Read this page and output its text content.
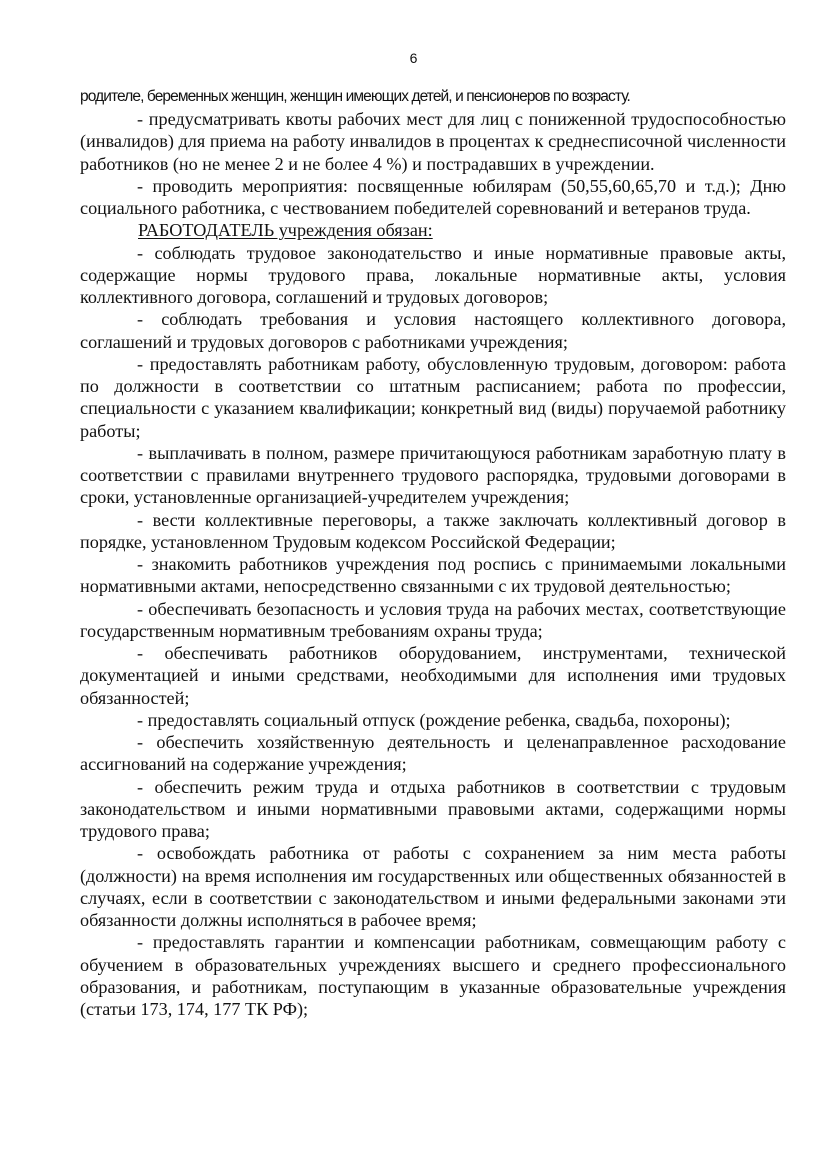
6

родителе, беременных женщин, женщин имеющих детей, и пенсионеров по возрасту.

- предусматривать квоты рабочих мест для лиц с пониженной трудоспособностью (инвалидов) для приема на работу инвалидов в процентах к среднесписочной численности работников (но не менее 2 и не более 4 %) и пострадавших в учреждении.

- проводить мероприятия: посвященные юбилярам (50,55,60,65,70 и т.д.); Дню социального работника, с чествованием победителей соревнований и ветеранов труда.

РАБОТОДАТЕЛЬ учреждения обязан:

- соблюдать трудовое законодательство и иные нормативные правовые акты, содержащие нормы трудового права, локальные нормативные акты, условия коллективного договора, соглашений и трудовых договоров;

- соблюдать требования и условия настоящего коллективного договора, соглашений и трудовых договоров с работниками учреждения;

- предоставлять работникам работу, обусловленную трудовым, договором: работа по должности в соответствии со штатным расписанием; работа по профессии, специальности с указанием квалификации; конкретный вид (виды) поручаемой работнику работы;

- выплачивать в полном, размере причитающуюся работникам заработную плату в соответствии с правилами внутреннего трудового распорядка, трудовыми договорами в сроки, установленные организацией-учредителем учреждения;

- вести коллективные переговоры, а также заключать коллективный договор в порядке, установленном Трудовым кодексом Российской Федерации;

- знакомить работников учреждения под роспись с принимаемыми локальными нормативными актами, непосредственно связанными с их трудовой деятельностью;

- обеспечивать безопасность и условия труда на рабочих местах, соответствующие государственным нормативным требованиям охраны труда;

- обеспечивать работников оборудованием, инструментами, технической документацией и иными средствами, необходимыми для исполнения ими трудовых обязанностей;

- предоставлять социальный отпуск (рождение ребенка, свадьба, похороны);

- обеспечить хозяйственную деятельность и целенаправленное расходование ассигнований на содержание учреждения;

- обеспечить режим труда и отдыха работников в соответствии с трудовым законодательством и иными нормативными правовыми актами, содержащими нормы трудового права;

- освобождать работника от работы с сохранением за ним места работы (должности) на время исполнения им государственных или общественных обязанностей в случаях, если в соответствии с законодательством и иными федеральными законами эти обязанности должны исполняться в рабочее время;

- предоставлять гарантии и компенсации работникам, совмещающим работу с обучением в образовательных учреждениях высшего и среднего профессионального образования, и работникам, поступающим в указанные образовательные учреждения (статьи 173, 174, 177 ТК РФ);
